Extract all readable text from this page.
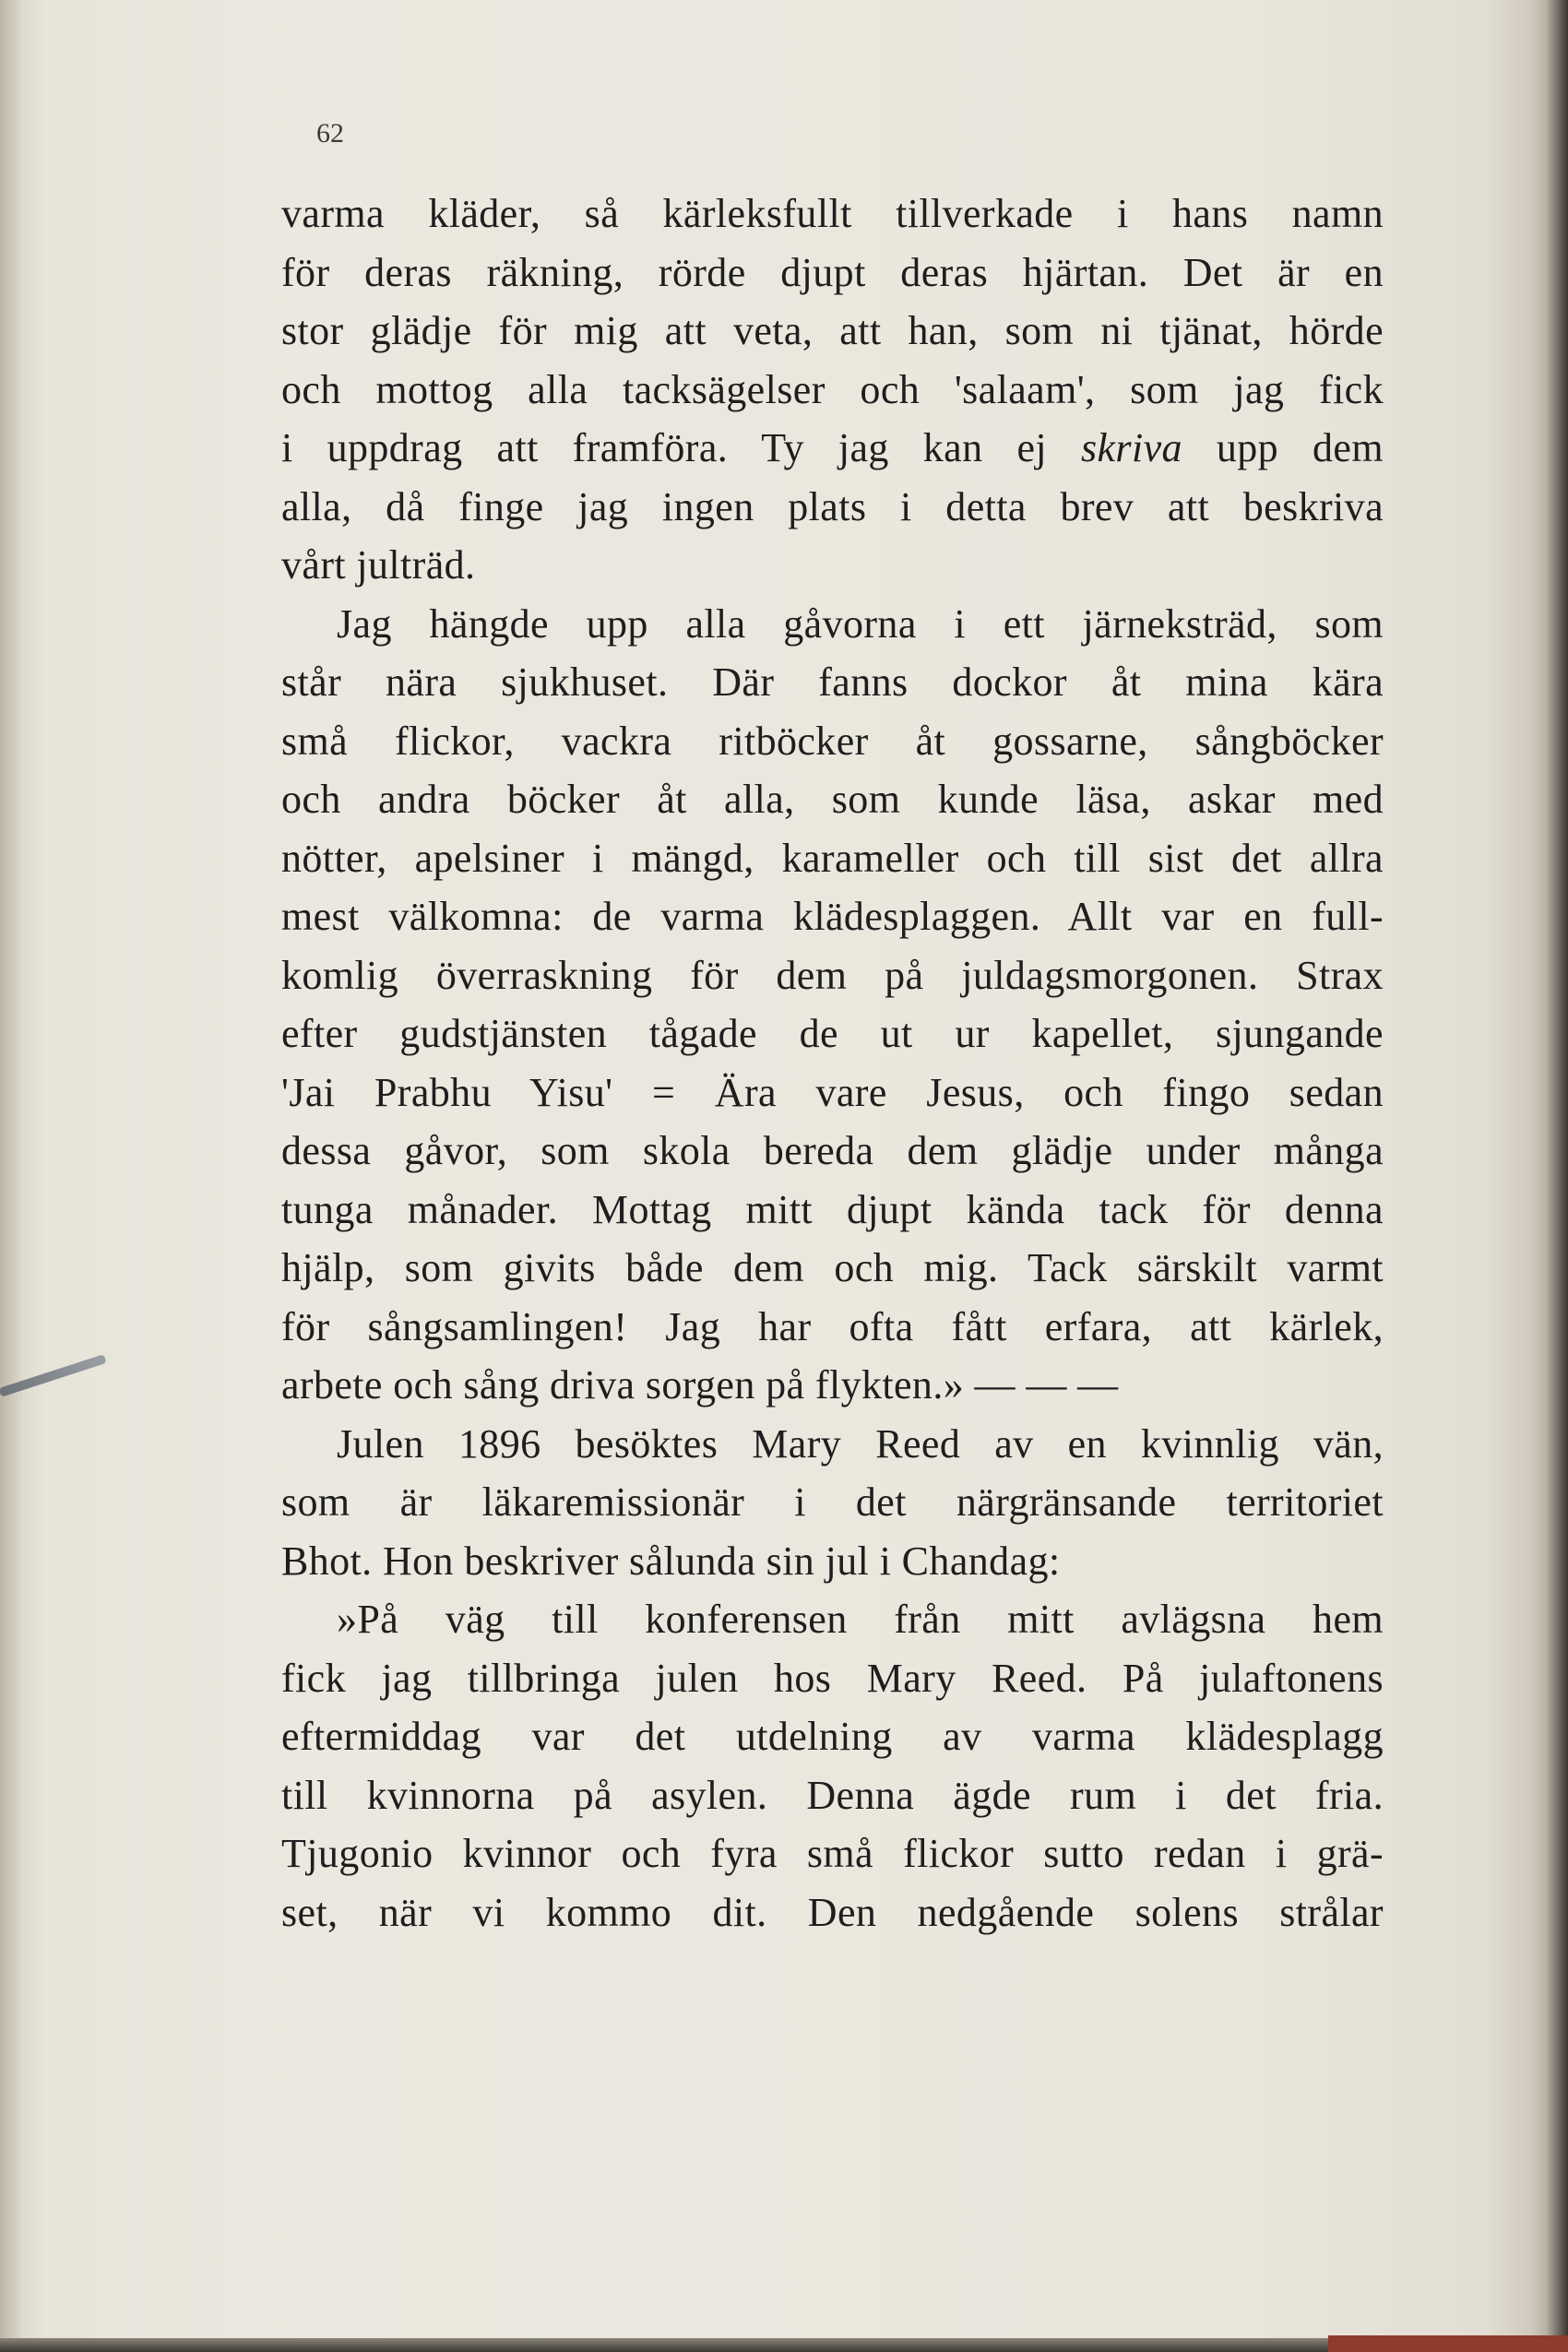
62

varma kläder, så kärleksfullt tillverkade i hans namn
för deras räkning, rörde djupt deras hjärtan. Det är en
stor glädje för mig att veta, att han, som ni tjänat, hörde
och mottog alla tacksägelser och 'salaam', som jag fick
i uppdrag att framföra. Ty jag kan ej skriva upp dem
alla, då finge jag ingen plats i detta brev att beskriva
vårt julträd.
Jag hängde upp alla gåvorna i ett järneksträd, som
står nära sjukhuset. Där fanns dockor åt mina kära
små flickor, vackra ritböcker åt gossarne, sångböcker
och andra böcker åt alla, som kunde läsa, askar med
nötter, apelsiner i mängd, karameller och till sist det allra
mest välkomna: de varma klädesplaggen. Allt var en full-
komlig överraskning för dem på juldagsmorgonen. Strax
efter gudstjänsten tågade de ut ur kapellet, sjungande
'Jai Prabhu Yisu' = Ära vare Jesus, och fingo sedan
dessa gåvor, som skola bereda dem glädje under många
tunga månader. Mottag mitt djupt kända tack för denna
hjälp, som givits både dem och mig. Tack särskilt varmt
för sångsamlingen! Jag har ofta fått erfara, att kärlek,
arbete och sång driva sorgen på flykten.» — — —
Julen 1896 besöktes Mary Reed av en kvinnlig vän,
som är läkaremissionär i det närgränsande territoriet
Bhot. Hon beskriver sålunda sin jul i Chandag:
»På väg till konferensen från mitt avlägsna hem
fick jag tillbringa julen hos Mary Reed. På julaftonens
eftermiddag var det utdelning av varma klädesplagg
till kvinnorna på asylen. Denna ägde rum i det fria.
Tjugonio kvinnor och fyra små flickor sutto redan i grä-
set, när vi kommo dit. Den nedgående solens strålar
